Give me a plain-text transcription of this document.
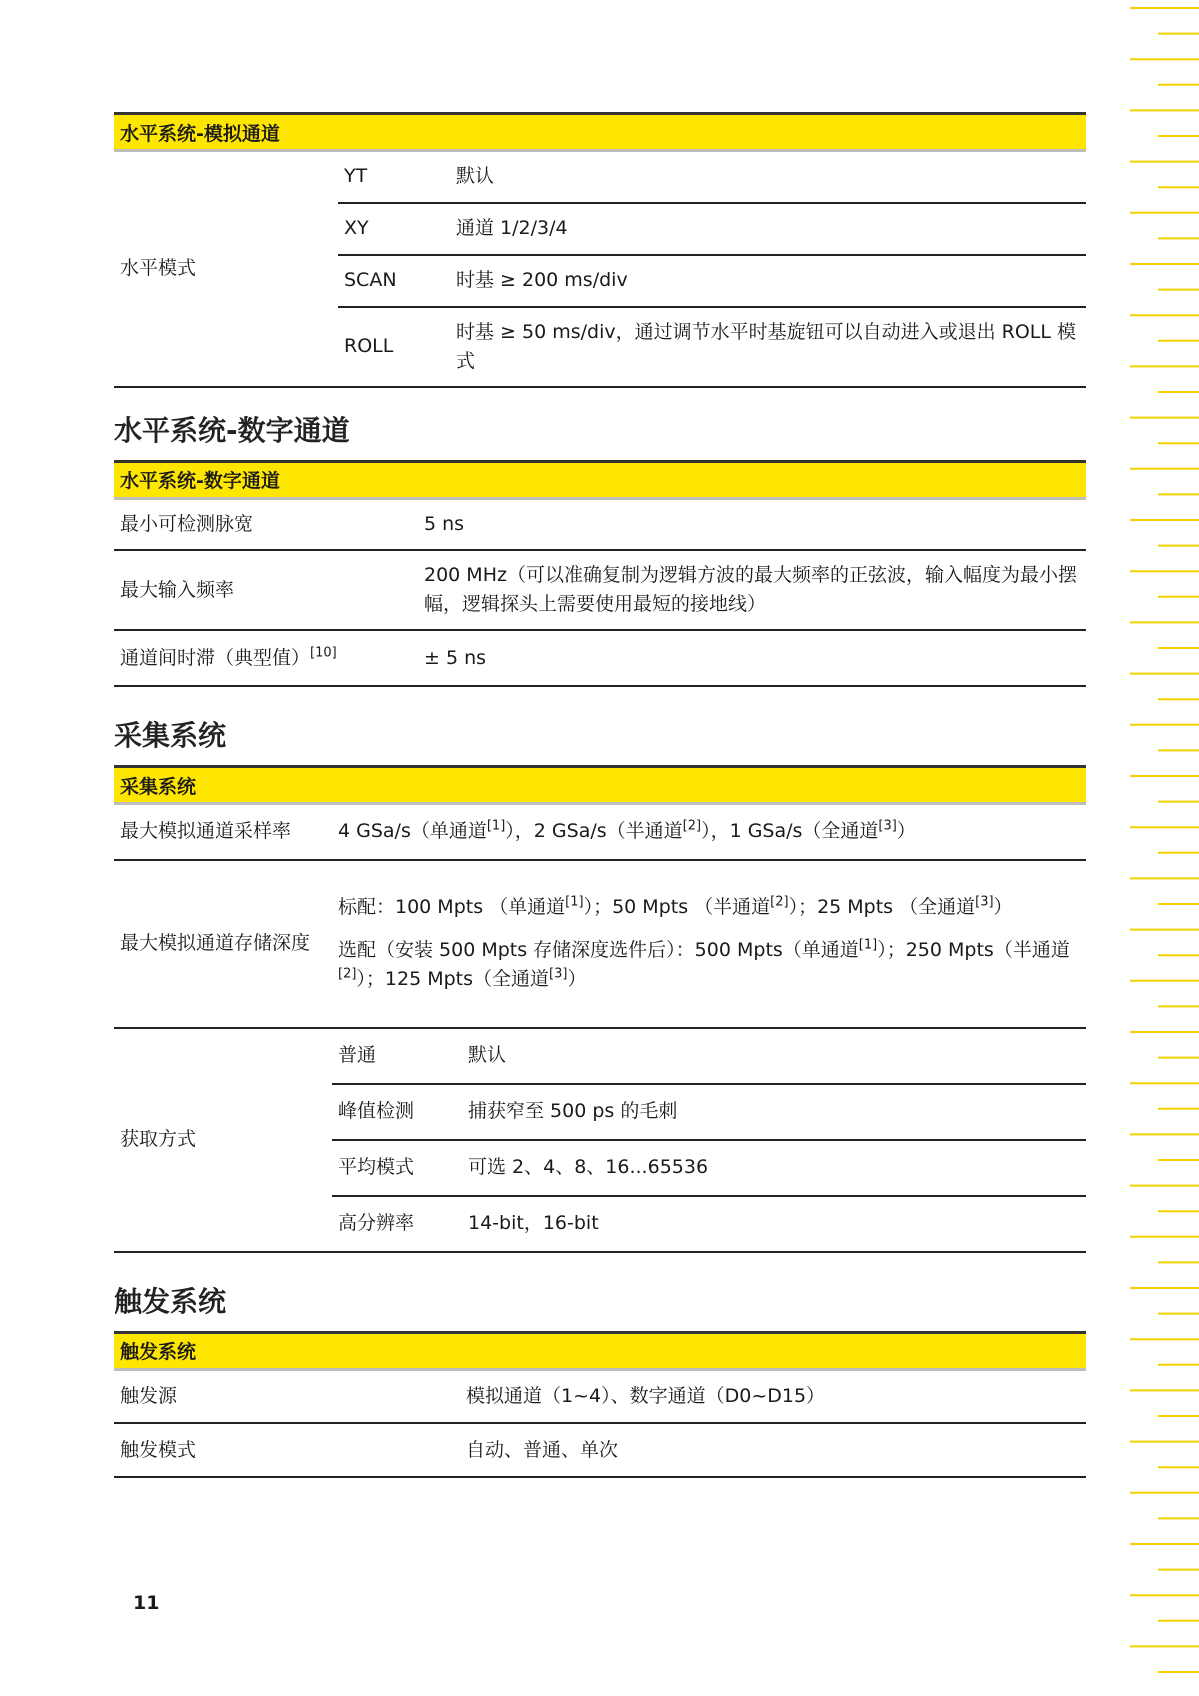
水平系统-模拟通道		
水平模式	YT	默认
	XY	通道 1/2/3/4
	SCAN	时基 ≥ 200 ms/div
	ROLL	时基 ≥ 50 ms/div，通过调节水平时基旋钮可以自动进入或退出 ROLL 模式
水平系统-数字通道
水平系统-数字通道	
最小可检测脉宽	5 ns
最大输入频率	200 MHz（可以准确复制为逻辑方波的最大频率的正弦波，输入幅度为最小摆幅，逻辑探头上需要使用最短的接地线）
通道间时滞（典型值）[10]	± 5 ns
采集系统
采集系统		
最大模拟通道采样率	4 GSa/s（单通道[1]），2 GSa/s（半通道[2]），1 GSa/s（全通道[3]）	
最大模拟通道存储深度	标配：100 Mpts （单通道[1]）；50 Mpts （半通道[2]）；25 Mpts （全通道[3]）
选配（安装 500 Mpts 存储深度选件后）：500 Mpts（单通道[1]）；250 Mpts（半通道[2]）；125 Mpts（全通道[3]）	

获取方式	普通	默认
	峰值检测	捕获窄至 500 ps 的毛刺
	平均模式	可选 2、4、8、16...65536
	高分辨率	14-bit，16-bit
触发系统
触发系统	
触发源	模拟通道（1~4）、数字通道（D0~D15）
触发模式	自动、普通、单次
11
